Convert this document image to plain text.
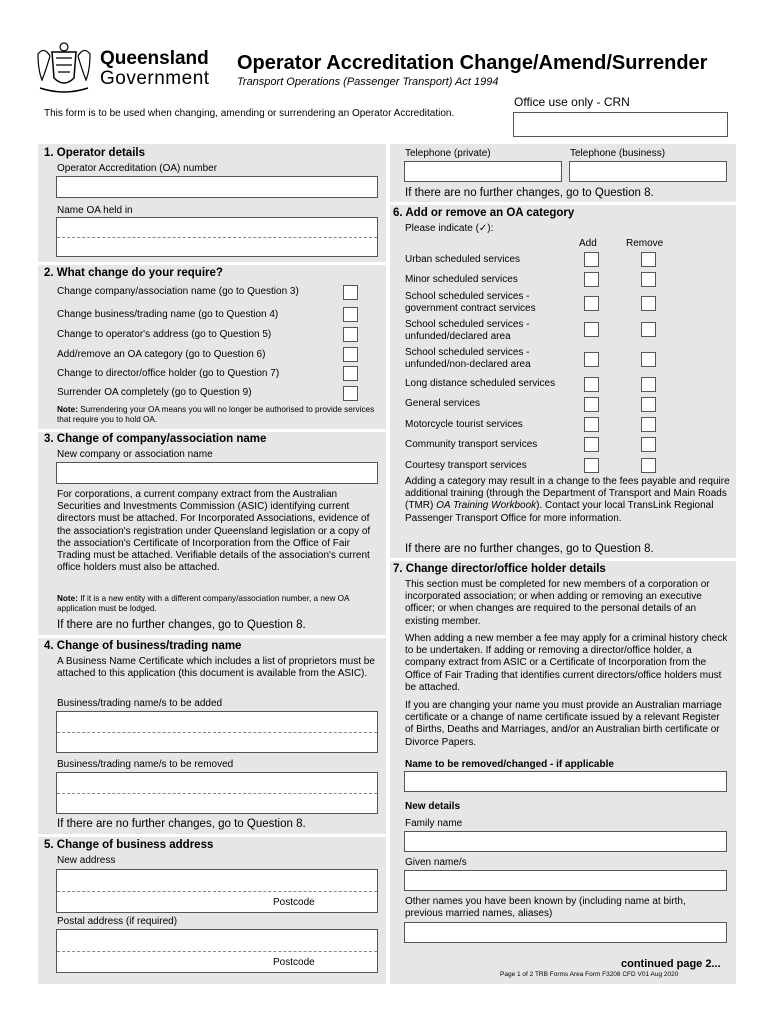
Queensland
Government
Operator Accreditation Change/Amend/Surrender
Transport Operations (Passenger Transport) Act 1994
Office use only - CRN
This form is to be used when changing, amending or surrendering an Operator Accreditation.
1. Operator details
Operator Accreditation (OA) number
Name OA held in
2. What change do your require?
Change company/association name (go to Question 3)
Change business/trading name (go to Question 4)
Change to operator's address (go to Question 5)
Add/remove an OA category (go to Question 6)
Change to director/office holder (go to Question 7)
Surrender OA completely (go to Question 9)
Note: Surrendering your OA means you will no longer be authorised to provide services that require you to hold OA.
3. Change of company/association name
New company or association name
For corporations, a current company extract from the Australian Securities and Investments Commission (ASIC) identifying current directors must be attached. For Incorporated Associations, evidence of the association's registration under Queensland legislation or a copy of the association's Certificate of Incorporation from the Office of Fair Trading must be attached. Verifiable details of the association's current office holders must also be attached.
Note: If it is a new entity with a different company/association number, a new OA application must be lodged.
If there are no further changes, go to Question 8.
4. Change of business/trading name
A Business Name Certificate which includes a list of proprietors must be attached to this application (this document is available from the ASIC).
Business/trading name/s to be added
Business/trading name/s to be removed
If there are no further changes, go to Question 8.
5. Change of business address
New address
Postcode
Postal address (if required)
Postcode
Telephone (private)	Telephone (business)
If there are no further changes, go to Question 8.
6. Add or remove an OA category
Please indicate (✓):
Add	Remove
Urban scheduled services
Minor scheduled services
School scheduled services - government contract services
School scheduled services - unfunded/declared area
School scheduled services - unfunded/non-declared area
Long distance scheduled services
General services
Motorcycle tourist services
Community transport services
Courtesy transport services
Adding a category may result in a change to the fees payable and require additional training (through the Department of Transport and Main Roads (TMR) OA Training Workbook). Contact your local TransLink Regional Passenger Transport Office for more information.
If there are no further changes, go to Question 8.
7. Change director/office holder details
This section must be completed for new members of a corporation or incorporated association; or when adding or removing an executive officer; or when changes are required to the personal details of an existing member.
When adding a new member a fee may apply for a criminal history check to be undertaken. If adding or removing a director/office holder, a company extract from ASIC or a Certificate of Incorporation from the Office of Fair Trading that identifies current directors/office holders must be attached.
If you are changing your name you must provide an Australian marriage certificate or a change of name certificate issued by a relevant Register of Births, Deaths and Marriages, and/or an Australian birth certificate or Divorce Papers.
Name to be removed/changed - if applicable
New details
Family name
Given name/s
Other names you have been known by (including name at birth, previous married names, aliases)
continued page 2...
Page 1 of 2 TRB Forms Area Form F3208 CFD V01 Aug 2020
